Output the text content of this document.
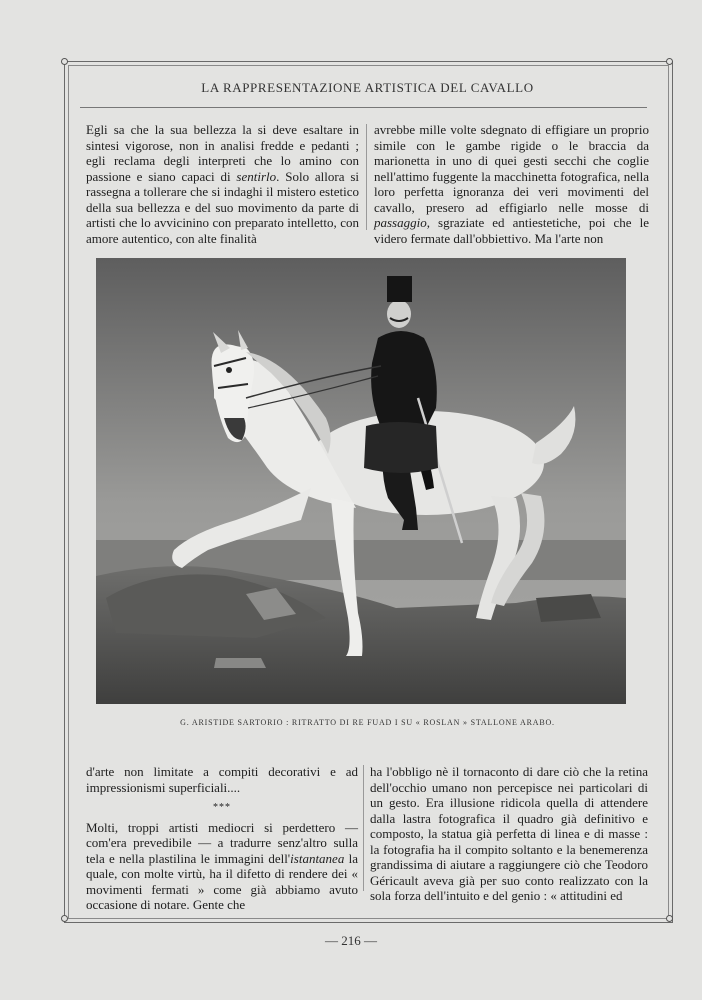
LA RAPPRESENTAZIONE ARTISTICA DEL CAVALLO

Egli sa che la sua bellezza la si deve esaltare in sintesi vigorose, non in analisi fredde e pedanti ; egli reclama degli interpreti che lo amino con passione e siano capaci di sentirlo. Solo allora si rassegna a tollerare che si indaghi il mistero estetico della sua bellezza e del suo movimento da parte di artisti che lo avvicinino con preparato intelletto, con amore autentico, con alte finalità

avrebbe mille volte sdegnato di effigiare un proprio simile con le gambe rigide o le braccia da marionetta in uno di quei gesti secchi che coglie nell'attimo fuggente la macchinetta fotografica, nella loro perfetta ignoranza dei veri movimenti del cavallo, presero ad effigiarlo nelle mosse di passaggio, sgraziate ed antiestetiche, poi che le videro fermate dall'obbiettivo. Ma l'arte non

G. ARISTIDE SARTORIO : RITRATTO DI RE FUAD I SU « ROSLAN » STALLONE ARABO.

d'arte non limitate a compiti decorativi e ad impressionismi superficiali....

***

Molti, troppi artisti mediocri si perdettero — com'era prevedibile — a tradurre senz'altro sulla tela e nella plastilina le immagini dell'istantanea la quale, con molte virtù, ha il difetto di rendere dei « movimenti fermati » come già abbiamo avuto occasione di notare. Gente che

ha l'obbligo nè il tornaconto di dare ciò che la retina dell'occhio umano non percepisce nei particolari di un gesto. Era illusione ridicola quella di attendere dalla lastra fotografica il quadro già definitivo e composto, la statua già perfetta di linea e di masse : la fotografia ha il compito soltanto e la benemerenza grandissima di aiutare a raggiungere ciò che Teodoro Géricault aveva già per suo conto realizzato con la sola forza dell'intuito e del genio : « attitudini ed

— 216 —
